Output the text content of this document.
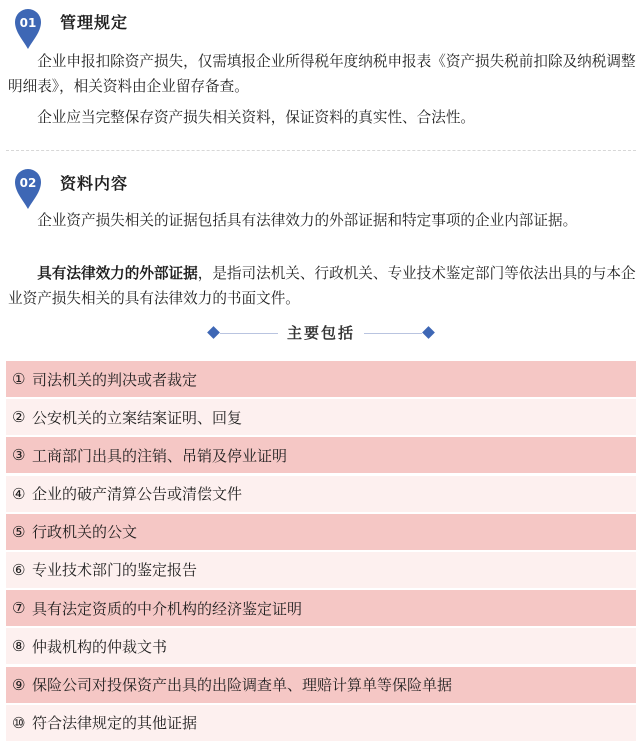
01 管理规定

企业申报扣除资产损失，仅需填报企业所得税年度纳税申报表《资产损失税前扣除及纳税调整明细表》，相关资料由企业留存备查。

企业应当完整保存资产损失相关资料，保证资料的真实性、合法性。

02 资料内容

企业资产损失相关的证据包括具有法律效力的外部证据和特定事项的企业内部证据。

具有法律效力的外部证据，是指司法机关、行政机关、专业技术鉴定部门等依法出具的与本企业资产损失相关的具有法律效力的书面文件。

主要包括
① 司法机关的判决或者裁定
② 公安机关的立案结案证明、回复
③ 工商部门出具的注销、吊销及停业证明
④ 企业的破产清算公告或清偿文件
⑤ 行政机关的公文
⑥ 专业技术部门的鉴定报告
⑦ 具有法定资质的中介机构的经济鉴定证明
⑧ 仲裁机构的仲裁文书
⑨ 保险公司对投保资产出具的出险调查单、理赔计算单等保险单据
⑩ 符合法律规定的其他证据
